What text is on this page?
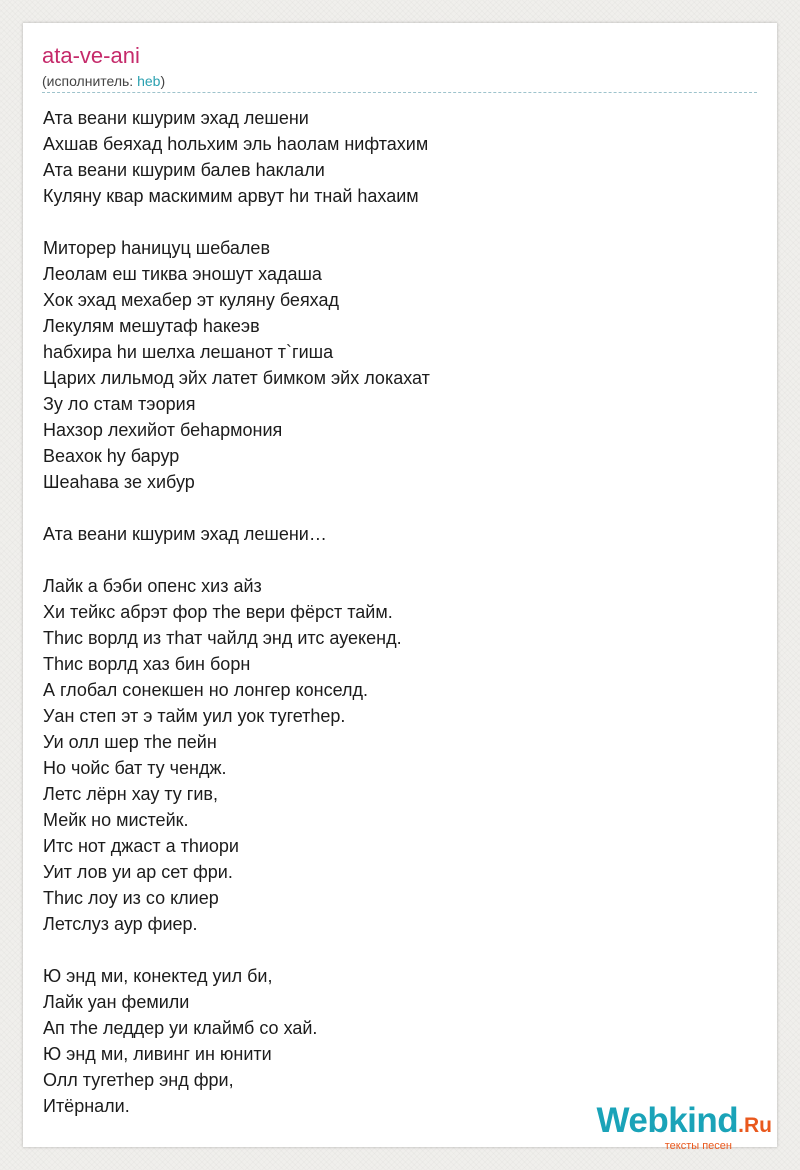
ata-ve-ani
(исполнитель: heb)
Ата веани кшурим эхад лешени
Ахшав беяхад hольхим эль hаолам нифтахим
Ата веани кшурим балев hаклали
Куляну квар маскимим арвут hи тнай hахаим
Миторер hаницуц шебалев
Леолам еш тиква эношут хадаша
Хок эхад мехабер эт куляну беяхад
Лекулям мешутаф hакеэв
hабхира hи шелха лешанот т`гиша
Царих лильмод эйх латет бимком эйх локахат
Зу ло стам тэория
Нахзор лехийот беhармония
Веахок hу барур
Шеаhава зе хибур
Ата веани кшурим эхад лешени…
Лайк а бэби опенс хиз айз
Хи тейкс абрэт фор тhе вери фёрст тайм.
Тhис ворлд из тhат чайлд энд итс ауекенд.
Тhис ворлд хаз бин борн
А глобал сонекшен но лонгер конселд.
Уан степ эт э тайм уил уок тугетhер.
Уи олл шер тhе пейн
Но чойс бат ту чендж.
Летс лёрн хау ту гив,
Мейк но мистейк.
Итс нот джаст а тhиори
Уит лов уи ар сет фри.
Тhис лоу из со клиер
Летслуз аур фиер.
Ю энд ми, конектед уил би,
Лайк уан фемили
Ап тhе леддер уи клаймб со хай.
Ю энд ми, ливинг ин юнити
Олл тугетhер энд фри,
Итёрнали.	Webkind.Ru
тексты песен
